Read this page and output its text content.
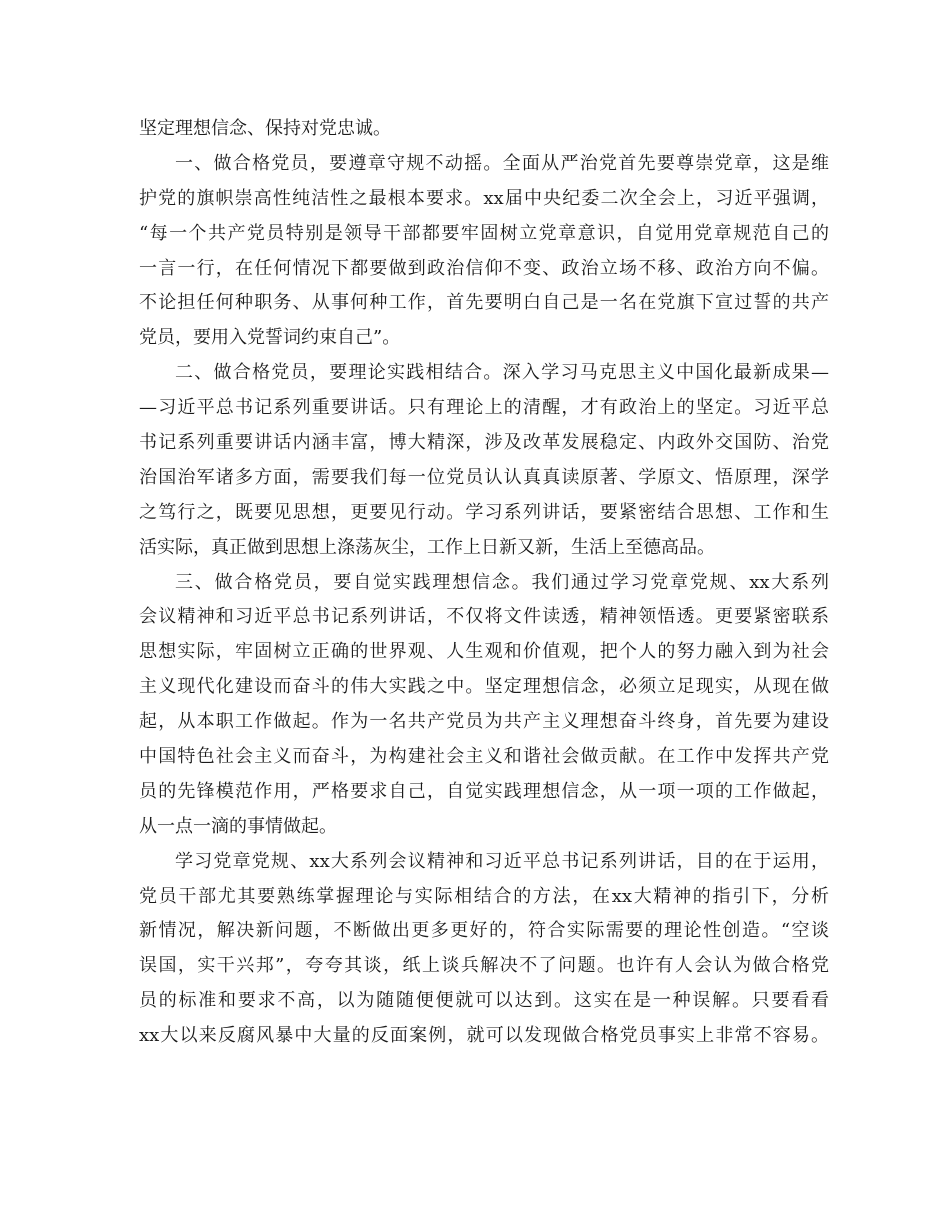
坚定理想信念、保持对党忠诚。
一、做合格党员，要遵章守规不动摇。全面从严治党首先要尊崇党章，这是维
护党的旗帜崇高性纯洁性之最根本要求。xx届中央纪委二次全会上，习近平强调，
“每一个共产党员特别是领导干部都要牢固树立党章意识，自觉用党章规范自己的
一言一行，在任何情况下都要做到政治信仰不变、政治立场不移、政治方向不偏。
不论担任何种职务、从事何种工作，首先要明白自己是一名在党旗下宣过誓的共产
党员，要用入党誓词约束自己”。
二、做合格党员，要理论实践相结合。深入学习马克思主义中国化最新成果—
—习近平总书记系列重要讲话。只有理论上的清醒，才有政治上的坚定。习近平总
书记系列重要讲话内涵丰富，博大精深，涉及改革发展稳定、内政外交国防、治党
治国治军诸多方面，需要我们每一位党员认认真真读原著、学原文、悟原理，深学
之笃行之，既要见思想，更要见行动。学习系列讲话，要紧密结合思想、工作和生
活实际，真正做到思想上涤荡灰尘，工作上日新又新，生活上至德高品。
三、做合格党员，要自觉实践理想信念。我们通过学习党章党规、xx大系列
会议精神和习近平总书记系列讲话，不仅将文件读透，精神领悟透。更要紧密联系
思想实际，牢固树立正确的世界观、人生观和价值观，把个人的努力融入到为社会
主义现代化建设而奋斗的伟大实践之中。坚定理想信念，必须立足现实，从现在做
起，从本职工作做起。作为一名共产党员为共产主义理想奋斗终身，首先要为建设
中国特色社会主义而奋斗，为构建社会主义和谐社会做贡献。在工作中发挥共产党
员的先锋模范作用，严格要求自己，自觉实践理想信念，从一项一项的工作做起，
从一点一滴的事情做起。
学习党章党规、xx大系列会议精神和习近平总书记系列讲话，目的在于运用，
党员干部尤其要熟练掌握理论与实际相结合的方法，在xx大精神的指引下，分析
新情况，解决新问题，不断做出更多更好的，符合实际需要的理论性创造。“空谈
误国，实干兴邦”，夸夸其谈，纸上谈兵解决不了问题。也许有人会认为做合格党
员的标准和要求不高，以为随随便便就可以达到。这实在是一种误解。只要看看
xx大以来反腐风暴中大量的反面案例，就可以发现做合格党员事实上非常不容易。
